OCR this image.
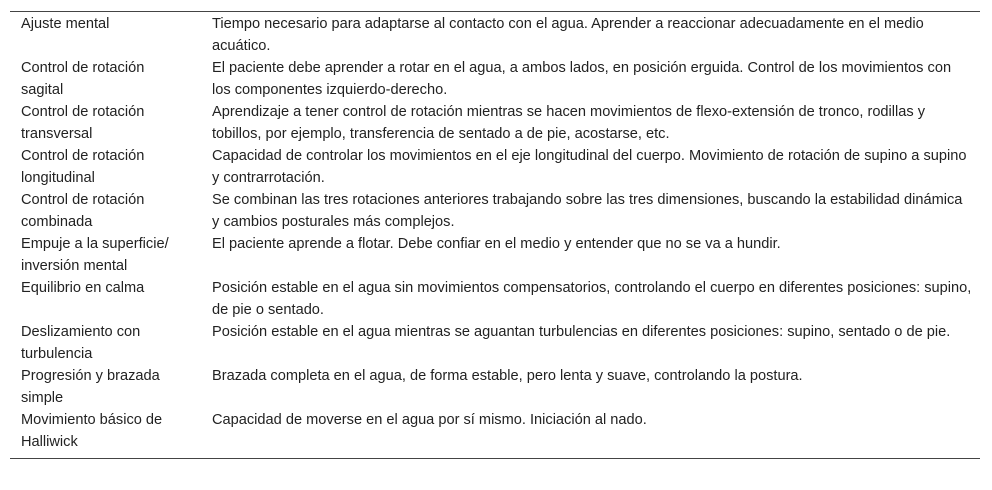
Ajuste mental	Tiempo necesario para adaptarse al contacto con el agua. Aprender a reaccionar adecuadamente en el medio acuático.
Control de rotación sagital	El paciente debe aprender a rotar en el agua, a ambos lados, en posición erguida. Control de los movimientos con los componentes izquierdo-derecho.
Control de rotación transversal	Aprendizaje a tener control de rotación mientras se hacen movimientos de flexo-extensión de tronco, rodillas y tobillos, por ejemplo, transferencia de sentado a de pie, acostarse, etc.
Control de rotación longitudinal	Capacidad de controlar los movimientos en el eje longitudinal del cuerpo. Movimiento de rotación de supino a supino y contrarrotación.
Control de rotación combinada	Se combinan las tres rotaciones anteriores trabajando sobre las tres dimensiones, buscando la estabilidad dinámica y cambios posturales más complejos.
Empuje a la superficie/ inversión mental	El paciente aprende a flotar. Debe confiar en el medio y entender que no se va a hundir.
Equilibrio en calma	Posición estable en el agua sin movimientos compensatorios, controlando el cuerpo en diferentes posiciones: supino, de pie o sentado.
Deslizamiento con turbulencia	Posición estable en el agua mientras se aguantan turbulencias en diferentes posiciones: supino, sentado o de pie.
Progresión y brazada simple	Brazada completa en el agua, de forma estable, pero lenta y suave, controlando la postura.
Movimiento básico de Halliwick	Capacidad de moverse en el agua por sí mismo. Iniciación al nado.
